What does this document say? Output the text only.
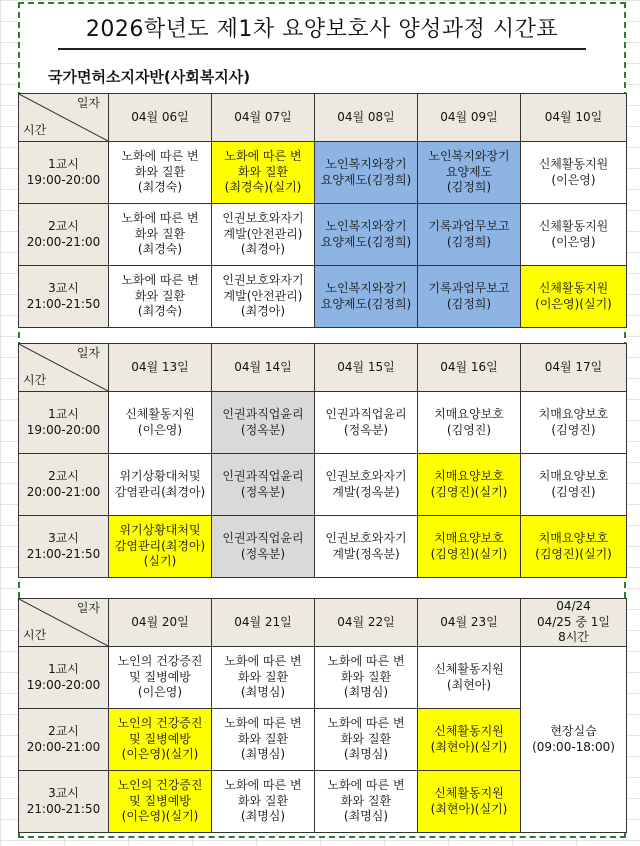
2026학년도 제1차 요양보호사 양성과정 시간표
국가면허소지자반(사회복지사)
일자
시간	04월 06일	04월 07일	04월 08일	04월 09일	04월 10일

1교시
19:00-20:00	노화에 따른 변
화와 질환
(최경숙)	노화에 따른 변
화와 질환
(최경숙)(실기)	노인복지와장기
요양제도(김정희)	노인복지와장기
요양제도
(김정희)	신체활동지원
(이은영)

2교시
20:00-21:00	노화에 따른 변
화와 질환
(최경숙)	인권보호와자기
계발(안전관리)
(최경아)	노인복지와장기
요양제도(김정희)	기록과업무보고
(김정희)	신체활동지원
(이은영)

3교시
21:00-21:50	노화에 따른 변
화와 질환
(최경숙)	인권보호와자기
계발(안전관리)
(최경아)	노인복지와장기
요양제도(김정희)	기록과업무보고
(김정희)	신체활동지원
(이은영)(실기)
일자
시간	04월 13일	04월 14일	04월 15일	04월 16일	04월 17일

1교시
19:00-20:00	신체활동지원
(이은영)	인권과직업윤리
(정옥분)	인권과직업윤리
(정옥분)	치매요양보호
(김영진)	치매요양보호
(김영진)

2교시
20:00-21:00	위기상황대처및
감염관리(최경아)	인권과직업윤리
(정옥분)	인권보호와자기
계발(정옥분)	치매요양보호
(김영진)(실기)	치매요양보호
(김영진)

3교시
21:00-21:50	위기상황대처및
감염관리(최경아)
(실기)	인권과직업윤리
(정옥분)	인권보호와자기
계발(정옥분)	치매요양보호
(김영진)(실기)	치매요양보호
(김영진)(실기)
일자
시간	04월 20일	04월 21일	04월 22일	04월 23일	04/24
04/25 중 1일
8시간

1교시
19:00-20:00	노인의 건강증진
및 질병예방
(이은영)	노화에 따른 변
화와 질환
(최명심)	노화에 따른 변
화와 질환
(최명심)	신체활동지원
(최현아)	현장실습
(09:00-18:00)

2교시
20:00-21:00	노인의 건강증진
및 질병예방
(이은영)(실기)	노화에 따른 변
화와 질환
(최명심)	노화에 따른 변
화와 질환
(최명심)	신체활동지원
(최현아)(실기)	

3교시
21:00-21:50	노인의 건강증진
및 질병예방
(이은영)(실기)	노화에 따른 변
화와 질환
(최명심)	노화에 따른 변
화와 질환
(최명심)	신체활동지원
(최현아)(실기)	
